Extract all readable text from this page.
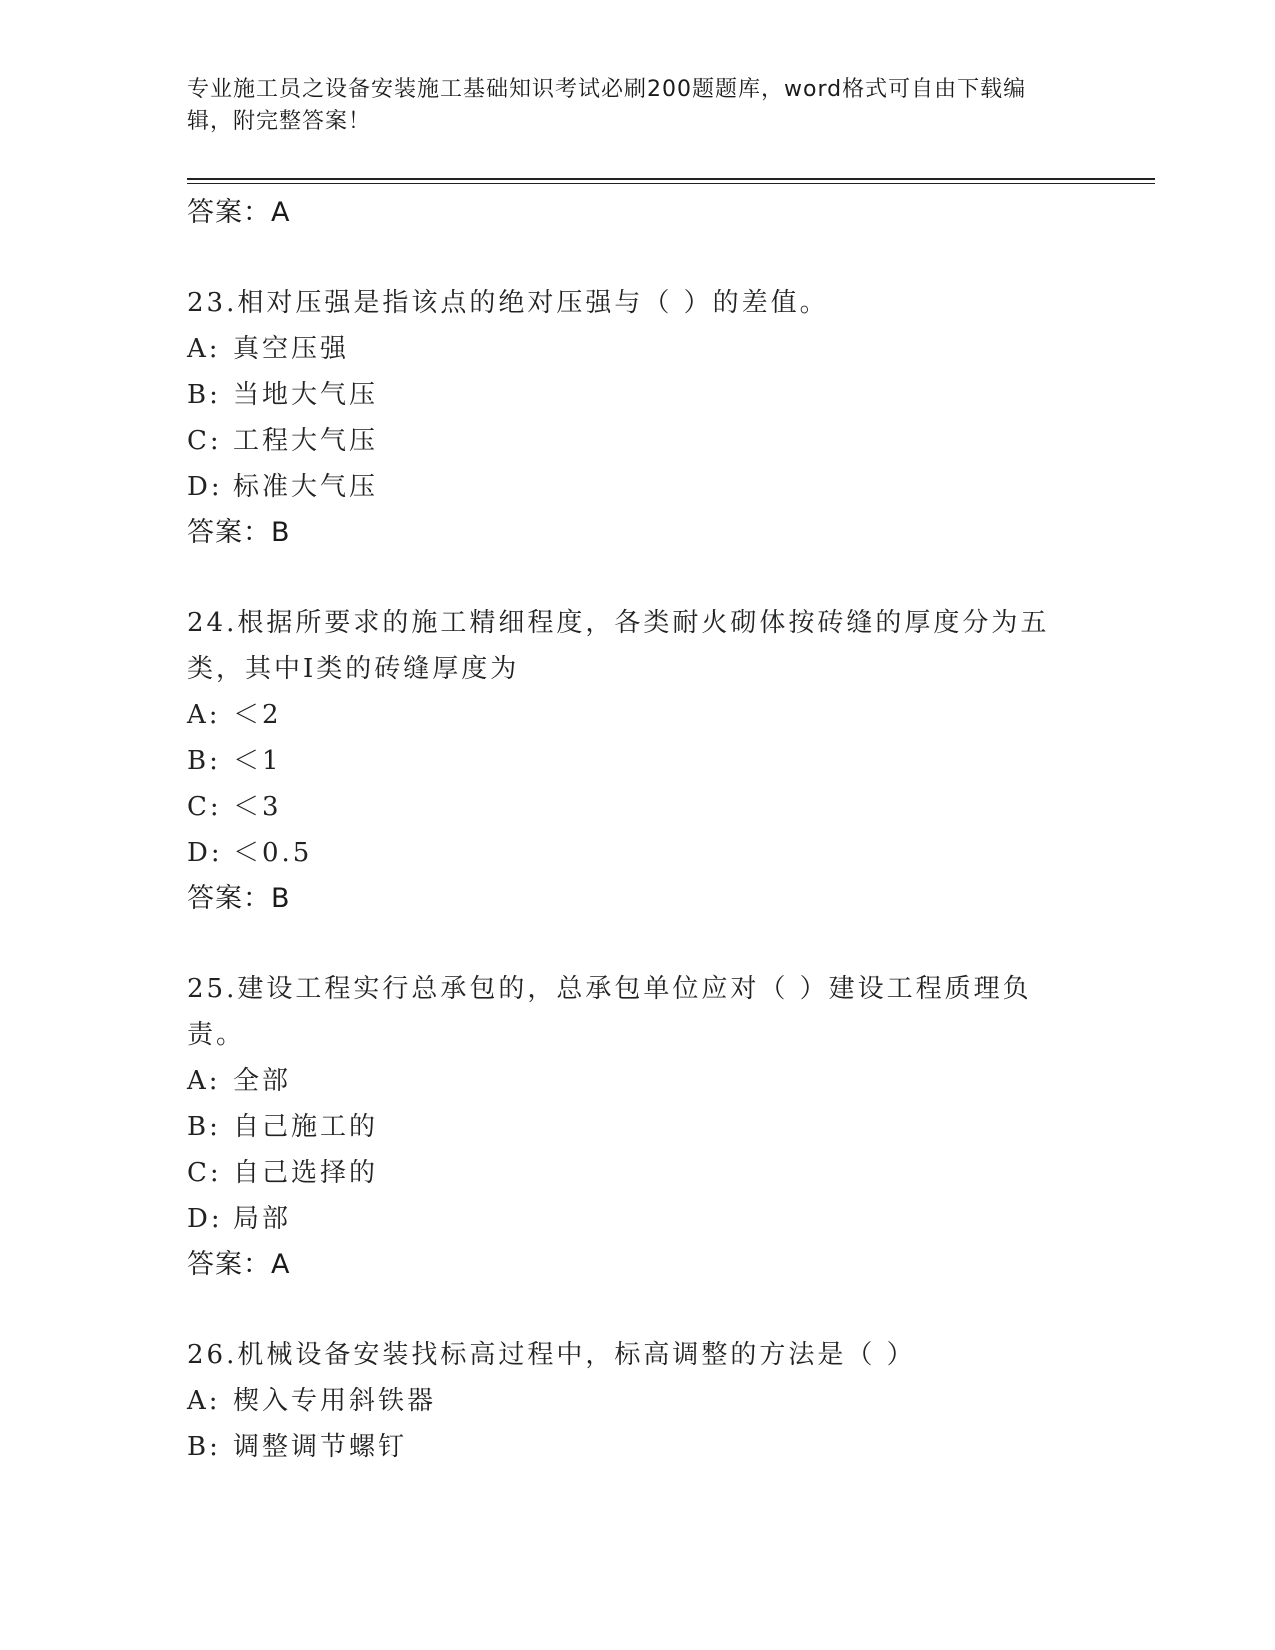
专业施工员之设备安装施工基础知识考试必刷200题题库，word格式可自由下载编辑，附完整答案！
答案：A
23.相对压强是指该点的绝对压强与（ ）的差值。
A: 真空压强
B: 当地大气压
C: 工程大气压
D: 标准大气压
答案：B
24.根据所要求的施工精细程度，各类耐火砌体按砖缝的厚度分为五类，其中Ⅰ类的砖缝厚度为
A: ＜2
B: ＜1
C: ＜3
D: ＜0.5
答案：B
25.建设工程实行总承包的，总承包单位应对（ ）建设工程质理负责。
A: 全部
B: 自己施工的
C: 自己选择的
D: 局部
答案：A
26.机械设备安装找标高过程中，标高调整的方法是（ ）
A: 楔入专用斜铁器
B: 调整调节螺钉
